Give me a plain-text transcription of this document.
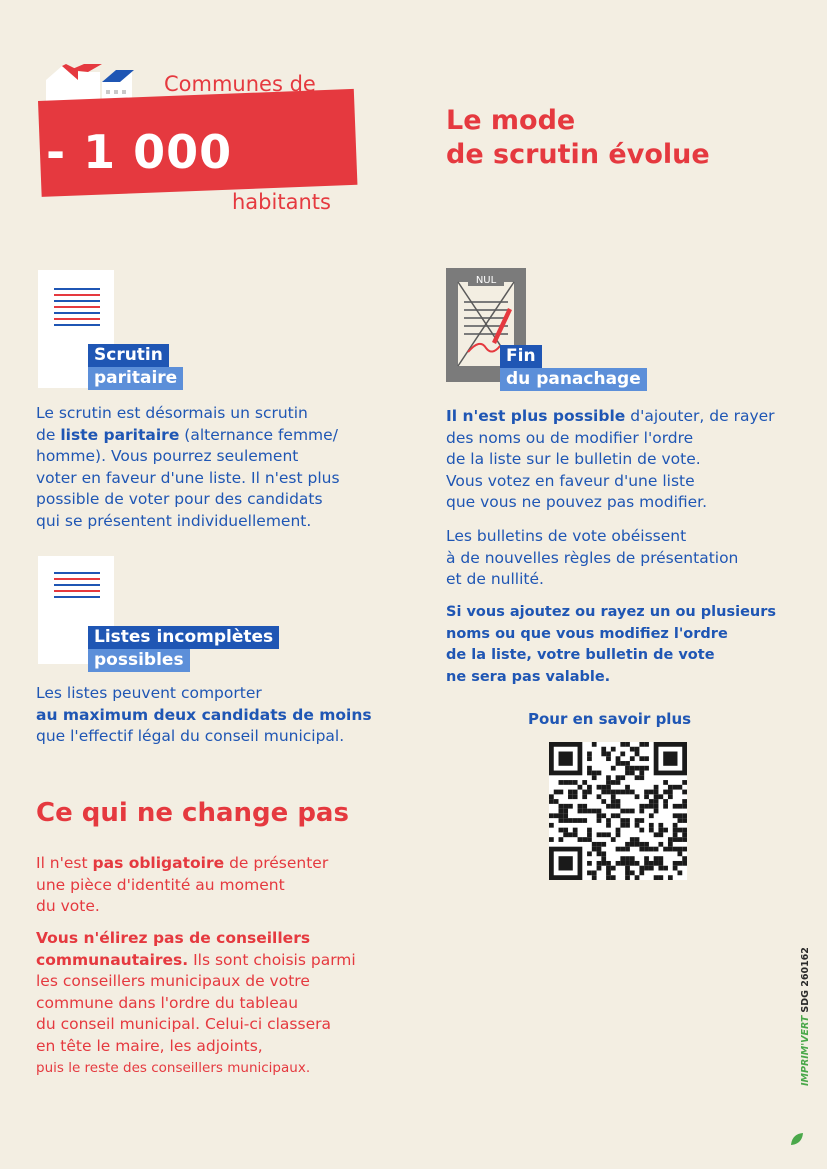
- 1 000
Communes de
habitants
Le mode
de scrutin évolue
Scrutin
paritaire
Le scrutin est désormais un scrutin
de liste paritaire (alternance femme/
homme). Vous pourrez seulement
voter en faveur d'une liste. Il n'est plus
possible de voter pour des candidats
qui se présentent individuellement.
Listes incomplètes
possibles
Les listes peuvent comporter
au maximum deux candidats de moins
que l'effectif légal du conseil municipal.
Ce qui ne change pas
Il n'est pas obligatoire de présenter
une pièce d'identité au moment
du vote.
Vous n'élirez pas de conseillers
communautaires. Ils sont choisis parmi
les conseillers municipaux de votre
commune dans l'ordre du tableau
du conseil municipal. Celui-ci classera
en tête le maire, les adjoints,
puis le reste des conseillers municipaux.
NUL
Fin
du panachage
Il n'est plus possible d'ajouter, de rayer
des noms ou de modifier l'ordre
de la liste sur le bulletin de vote.
Vous votez en faveur d'une liste
que vous ne pouvez pas modifier.
Les bulletins de vote obéissent
à de nouvelles règles de présentation
et de nullité.
Si vous ajoutez ou rayez un ou plusieurs
noms ou que vous modifiez l'ordre
de la liste, votre bulletin de vote
ne sera pas valable.
Pour en savoir plus
IMPRIM'VERT SDG 260162
